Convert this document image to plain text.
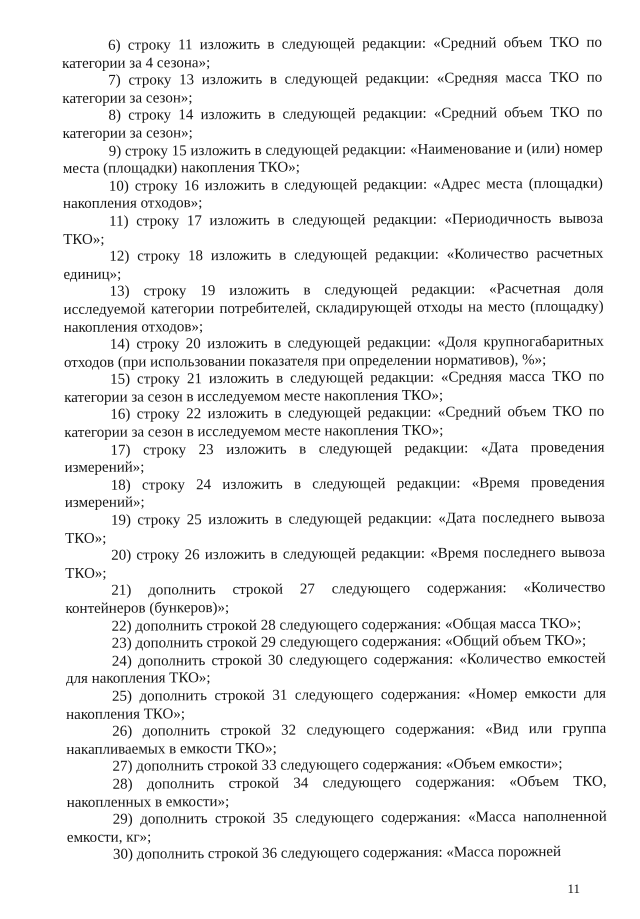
6) строку 11 изложить в следующей редакции: «Средний объем ТКО по категории за 4 сезона»;

7) строку 13 изложить в следующей редакции: «Средняя масса ТКО по категории за сезон»;

8) строку 14 изложить в следующей редакции: «Средний объем ТКО по категории за сезон»;

9) строку 15 изложить в следующей редакции: «Наименование и (или) номер места (площадки) накопления ТКО»;

10) строку 16 изложить в следующей редакции: «Адрес места (площадки) накопления отходов»;

11) строку 17 изложить в следующей редакции: «Периодичность вывоза ТКО»;

12) строку 18 изложить в следующей редакции: «Количество расчетных единиц»;

13) строку 19 изложить в следующей редакции: «Расчетная доля исследуемой категории потребителей, складирующей отходы на место (площадку) накопления отходов»;

14) строку 20 изложить в следующей редакции: «Доля крупногабаритных отходов (при использовании показателя при определении нормативов), %»;

15) строку 21 изложить в следующей редакции: «Средняя масса ТКО по категории за сезон в исследуемом месте накопления ТКО»;

16) строку 22 изложить в следующей редакции: «Средний объем ТКО по категории за сезон в исследуемом месте накопления ТКО»;

17) строку 23 изложить в следующей редакции: «Дата проведения измерений»;

18) строку 24 изложить в следующей редакции: «Время проведения измерений»;

19) строку 25 изложить в следующей редакции: «Дата последнего вывоза ТКО»;

20) строку 26 изложить в следующей редакции: «Время последнего вывоза ТКО»;

21) дополнить строкой 27 следующего содержания: «Количество контейнеров (бункеров)»;

22) дополнить строкой 28 следующего содержания: «Общая масса ТКО»;

23) дополнить строкой 29 следующего содержания: «Общий объем ТКО»;

24) дополнить строкой 30 следующего содержания: «Количество емкостей для накопления ТКО»;

25) дополнить строкой 31 следующего содержания: «Номер емкости для накопления ТКО»;

26) дополнить строкой 32 следующего содержания: «Вид или группа накапливаемых в емкости ТКО»;

27) дополнить строкой 33 следующего содержания: «Объем емкости»;

28) дополнить строкой 34 следующего содержания: «Объем ТКО, накопленных в емкости»;

29) дополнить строкой 35 следующего содержания: «Масса наполненной емкости, кг»;

30) дополнить строкой 36 следующего содержания: «Масса порожней

11
